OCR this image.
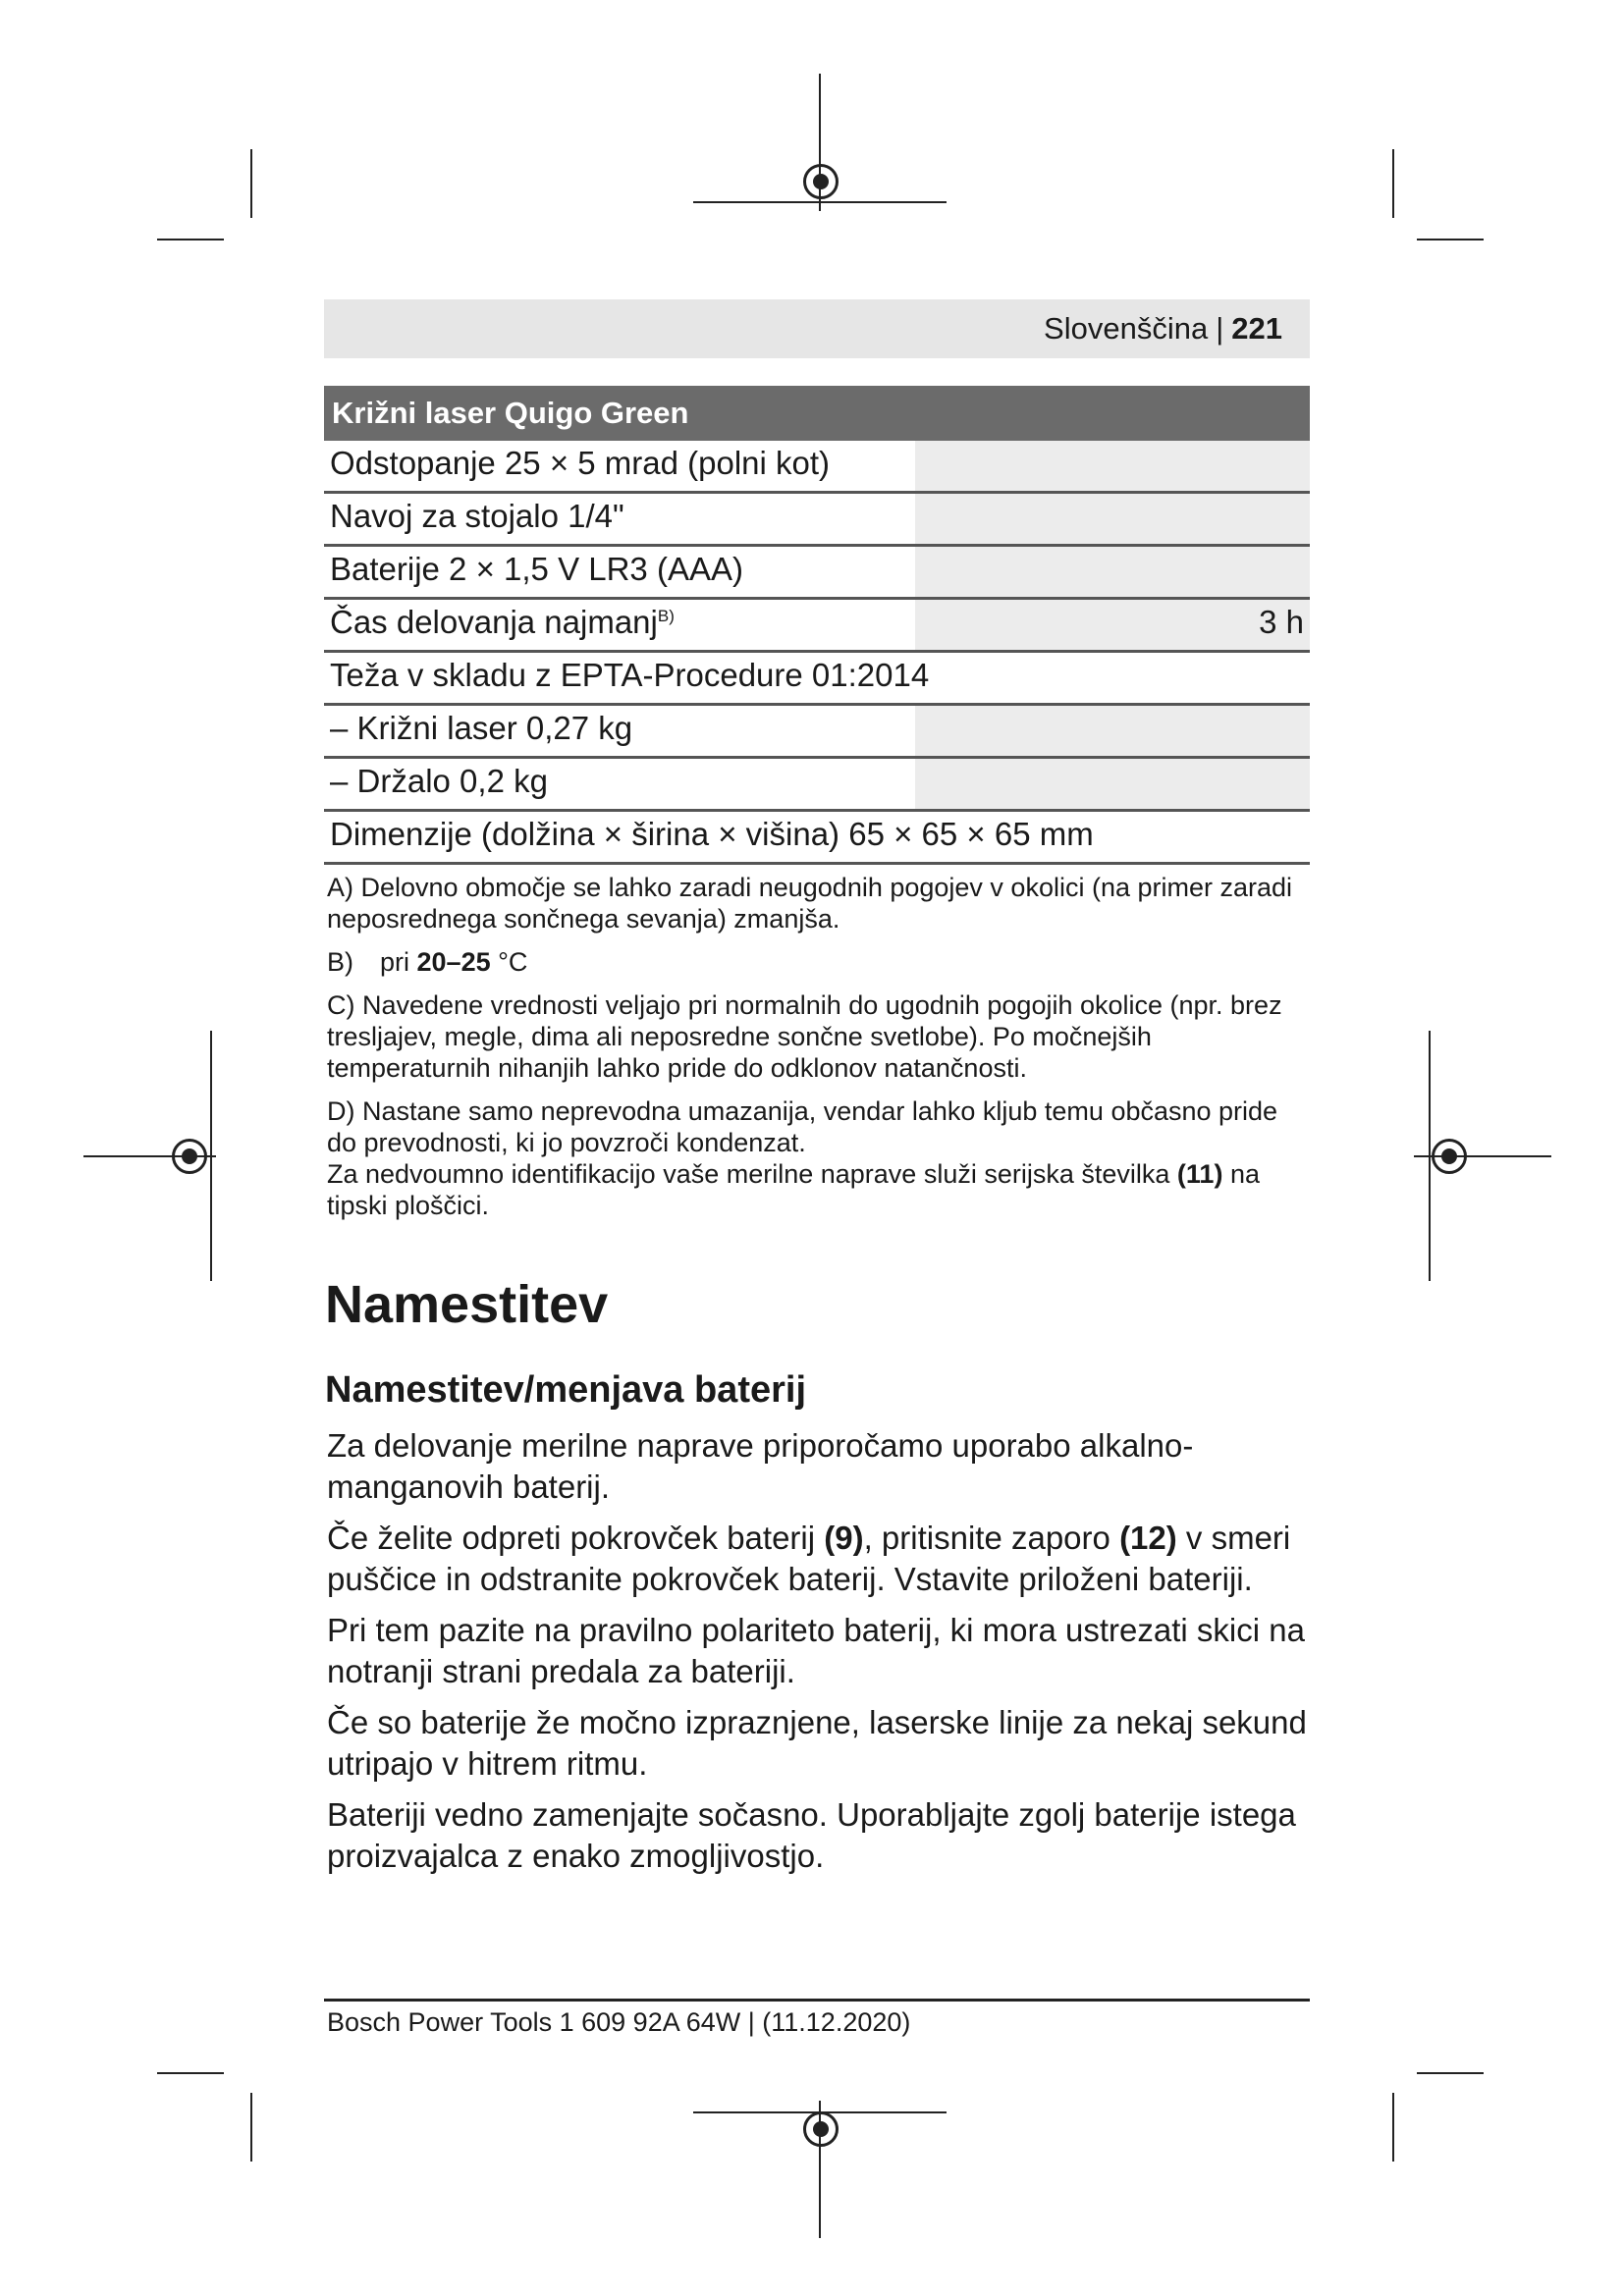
Slovenščina | 221
Križni laser Quigo Green
Odstopanje 25 × 5 mrad (polni kot)
Navoj za stojalo 1/4"
Baterije 2 × 1,5 V LR3 (AAA)
Čas delovanja najmanj$^{B)}$	3 h
Teža v skladu z EPTA-Procedure 01:2014
– Križni laser 0,27 kg
– Držalo 0,2 kg
Dimenzije (dolžina × širina × višina) 65 × 65 × 65 mm
A) Delovno območje se lahko zaradi neugodnih pogojev v okolici (na primer zaradi neposrednega sončnega sevanja) zmanjša.
B)	pri 20–25 °C
C) Navedene vrednosti veljajo pri normalnih do ugodnih pogojih okolice (npr. brez tresljajev, megle, dima ali neposredne sončne svetlobe). Po močnejših temperaturnih nihanjih lahko pride do odklonov natančnosti.
D) Nastane samo neprevodna umazanija, vendar lahko kljub temu občasno pride do prevodnosti, ki jo povzroči kondenzat.
Za nedvoumno identifikacijo vaše merilne naprave služi serijska številka (11) na tipski ploščici.
Namestitev
Namestitev/menjava baterij

Za delovanje merilne naprave priporočamo uporabo alkalno-manganovih baterij.

Če želite odpreti pokrovček baterij (9), pritisnite zaporo (12) v smeri puščice in odstranite pokrovček baterij. Vstavite priloženi bateriji.

Pri tem pazite na pravilno polariteto baterij, ki mora ustrezati skici na notranji strani predala za bateriji.

Če so baterije že močno izpraznjene, laserske linije za nekaj sekund utripajo v hitrem ritmu.

Bateriji vedno zamenjajte sočasno. Uporabljajte zgolj baterije istega proizvajalca z enako zmogljivostjo.

Bosch Power Tools 1 609 92A 64W | (11.12.2020)
